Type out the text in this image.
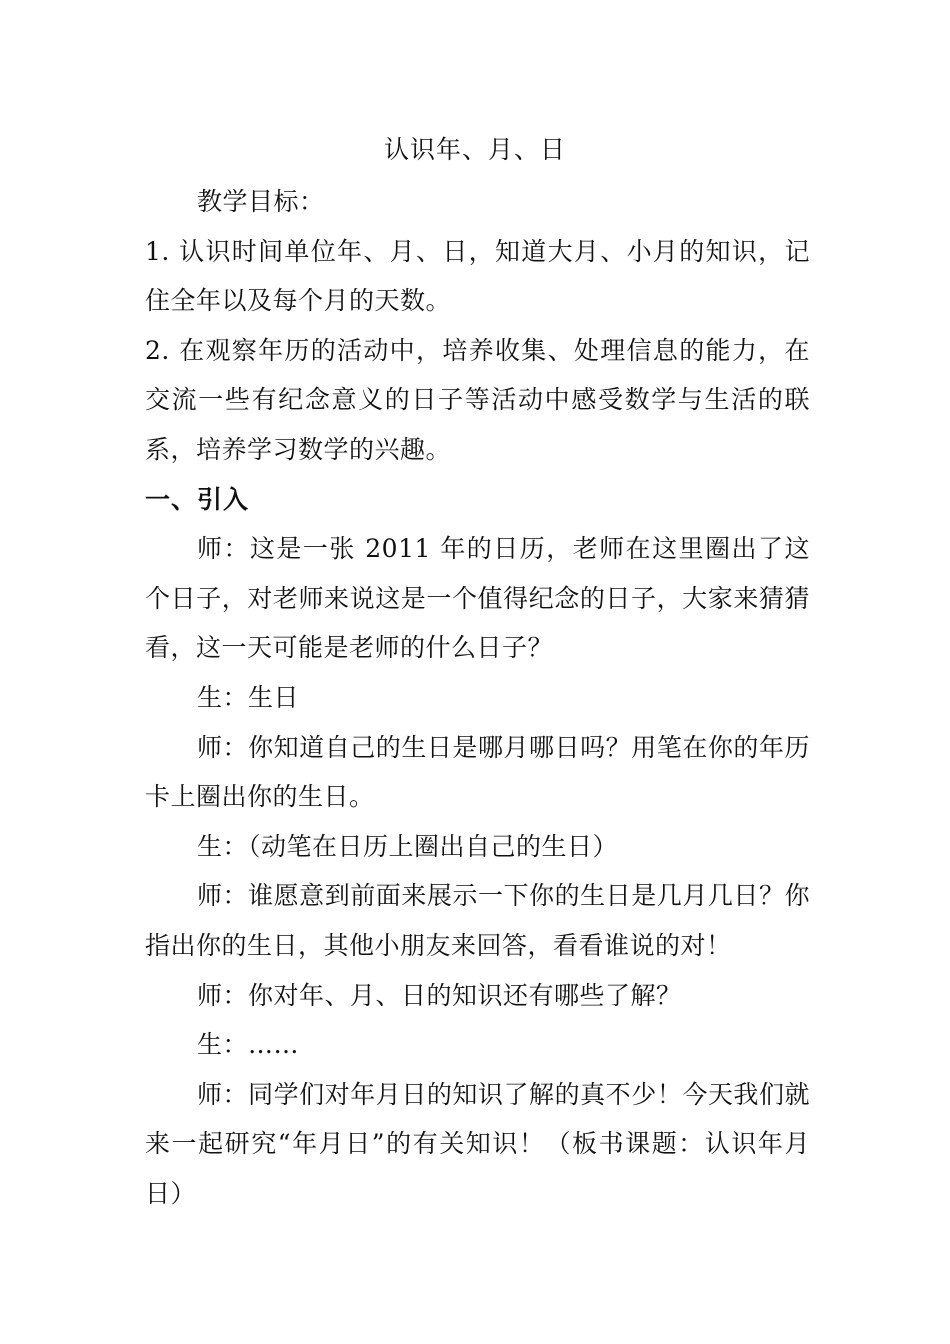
认识年、月、日

教学目标：

1. 认识时间单位年、月、日，知道大月、小月的知识，记住全年以及每个月的天数。

2. 在观察年历的活动中，培养收集、处理信息的能力，在交流一些有纪念意义的日子等活动中感受数学与生活的联系，培养学习数学的兴趣。

一、引入

师：这是一张 2011 年的日历，老师在这里圈出了这个日子，对老师来说这是一个值得纪念的日子，大家来猜猜看，这一天可能是老师的什么日子？

生：生日

师：你知道自己的生日是哪月哪日吗？用笔在你的年历卡上圈出你的生日。

生：（动笔在日历上圈出自己的生日）

师：谁愿意到前面来展示一下你的生日是几月几日？你指出你的生日，其他小朋友来回答，看看谁说的对！

师：你对年、月、日的知识还有哪些了解？

生：……

师：同学们对年月日的知识了解的真不少！今天我们就来一起研究“年月日”的有关知识！（板书课题：认识年月日）
